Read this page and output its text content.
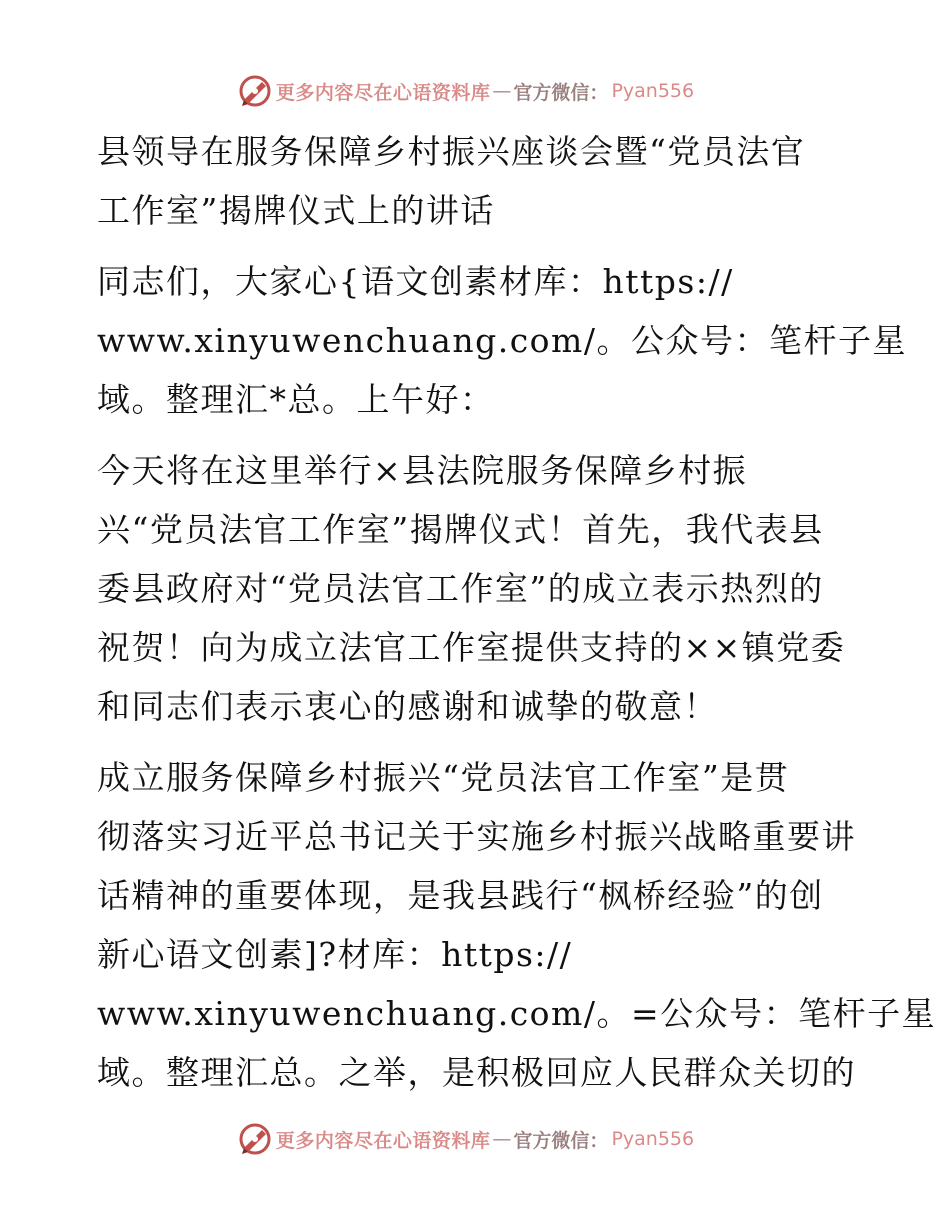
更多内容尽在心语资料库 — 官方微信： Pyan556
县领导在服务保障乡村振兴座谈会暨“党员法官
工作室”揭牌仪式上的讲话
同志们，大家心{语文创素材库：https://
www.xinyuwenchuang.com/。公众号：笔杆子星
域。整理汇*总。上午好：
今天将在这里举行×县法院服务保障乡村振
兴“党员法官工作室”揭牌仪式！首先，我代表县
委县政府对“党员法官工作室”的成立表示热烈的
祝贺！向为成立法官工作室提供支持的××镇党委
和同志们表示衷心的感谢和诚挚的敬意！
成立服务保障乡村振兴“党员法官工作室”是贯
彻落实习近平总书记关于实施乡村振兴战略重要讲
话精神的重要体现，是我县践行“枫桥经验”的创
新心语文创素]?材库：https://
www.xinyuwenchuang.com/。=公众号：笔杆子星
域。整理汇总。之举，是积极回应人民群众关切的
更多内容尽在心语资料库 — 官方微信： Pyan556
